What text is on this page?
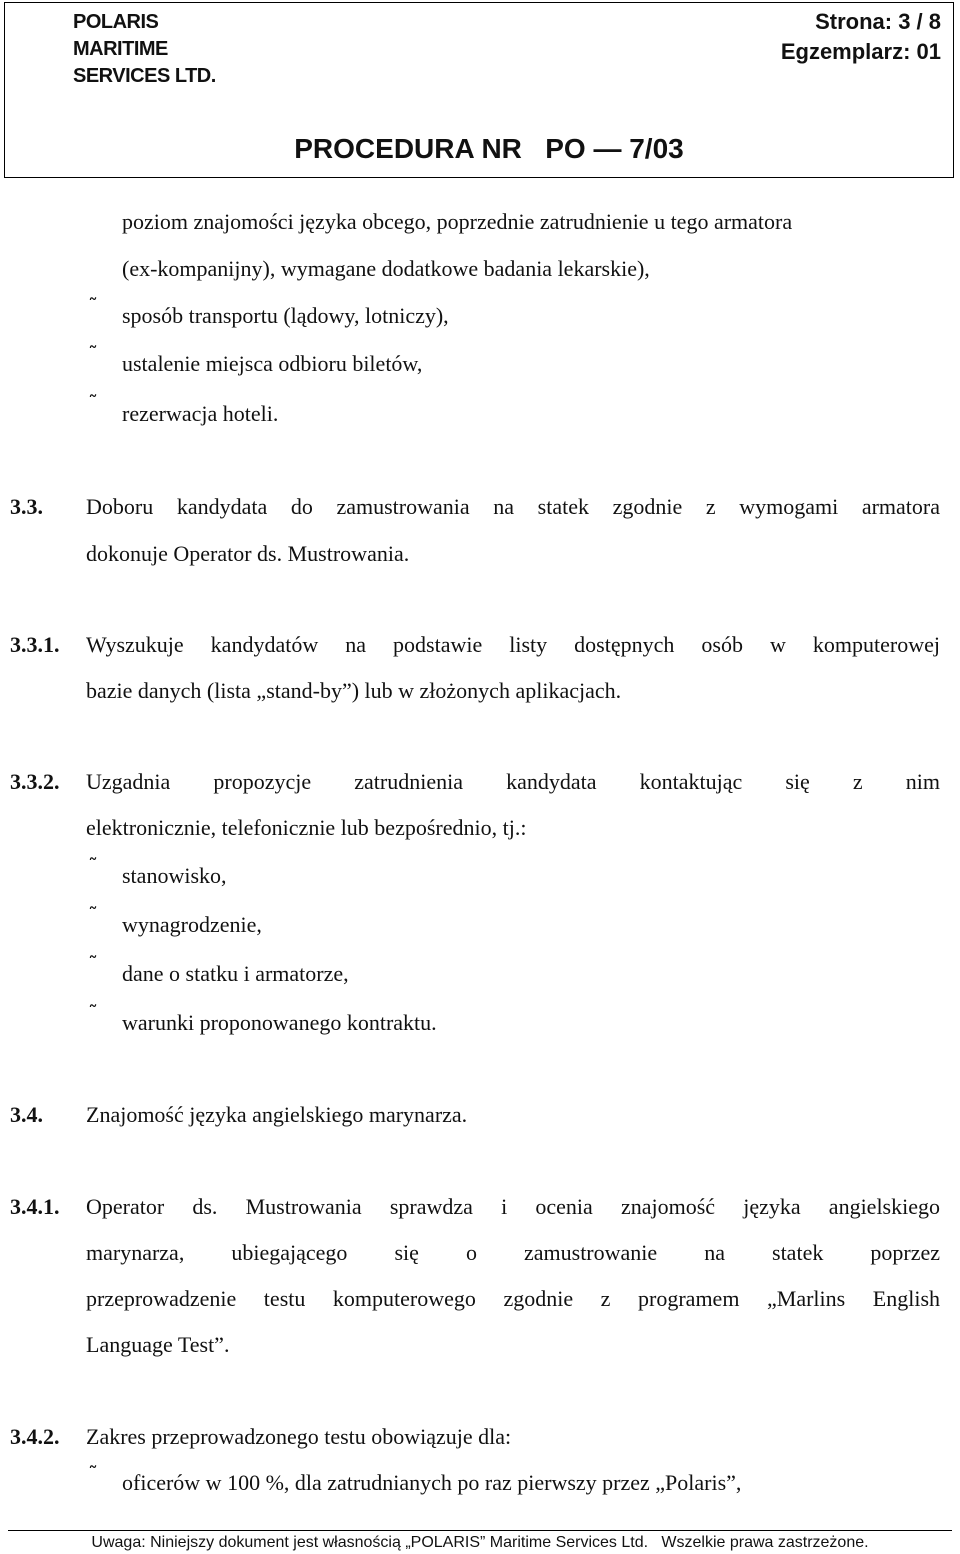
POLARIS
MARITIME
SERVICES LTD.
Strona: 3 / 8
Egzemplarz: 01
PROCEDURA NR   PO — 7/03
poziom znajomości języka obcego, poprzednie zatrudnienie u tego armatora
(ex-kompanijny), wymagane dodatkowe badania lekarskie),
˜ sposób transportu (lądowy, lotniczy),
˜ ustalenie miejsca odbioru biletów,
˜ rezerwacja hoteli.
3.3. Doboru kandydata do zamustrowania na statek zgodnie z wymogami armatora
dokonuje Operator ds. Mustrowania.
3.3.1. Wyszukuje kandydatów na podstawie listy dostępnych osób w komputerowej
bazie danych (lista „stand-by”) lub w złożonych aplikacjach.
3.3.2. Uzgadnia propozycje zatrudnienia kandydata kontaktując się z nim
elektronicznie, telefonicznie lub bezpośrednio, tj.:
˜ stanowisko,
˜ wynagrodzenie,
˜ dane o statku i armatorze,
˜ warunki proponowanego kontraktu.
3.4. Znajomość języka angielskiego marynarza.
3.4.1. Operator ds. Mustrowania sprawdza i ocenia znajomość języka angielskiego
marynarza, ubiegającego się o zamustrowanie na statek poprzez
przeprowadzenie testu komputerowego zgodnie z programem „Marlins English
Language Test”.
3.4.2. Zakres przeprowadzonego testu obowiązuje dla:
˜ oficerów w 100 %, dla zatrudnianych po raz pierwszy przez „Polaris”,
Uwaga: Niniejszy dokument jest własnością „POLARIS” Maritime Services Ltd.   Wszelkie prawa zastrzeżone.
